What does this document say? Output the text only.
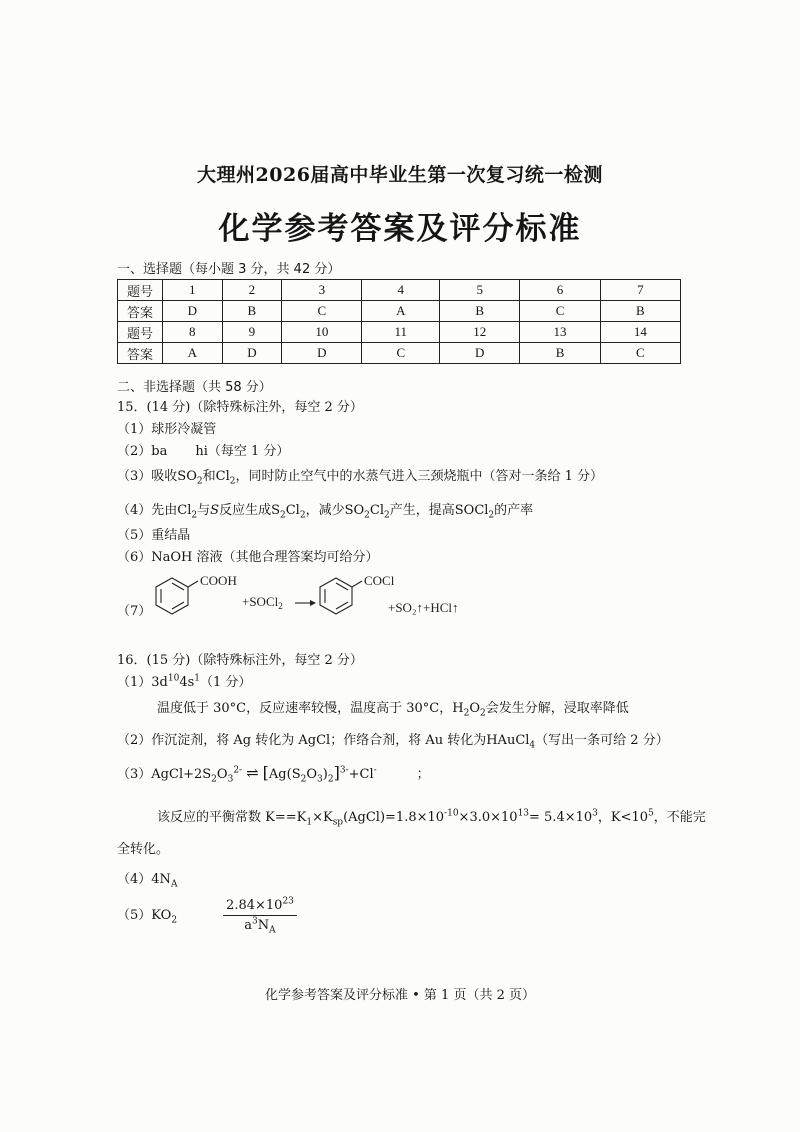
大理州2026届高中毕业生第一次复习统一检测
化学参考答案及评分标准
一、选择题（每小题 3 分，共 42 分）
题号	1	2	3	4	5	6	7
答案	D	B	C	A	B	C	B
题号	8	9	10	11	12	13	14
答案	A	D	D	C	D	B	C
二、非选择题（共 58 分）
15．(14 分)（除特殊标注外，每空 2 分）
（1）球形冷凝管
（2）ba hi（每空 1 分）
（3）吸收$SO_2$和$Cl_2$，同时防止空气中的水蒸气进入三颈烧瓶中（答对一条给 1 分）
（4）先由$Cl_2$与S反应生成$S_2Cl_2$，减少$SO_2Cl_2$产生，提高SOCl$_2$的产率
（5）重结晶
（6）NaOH 溶液（其他合理答案均可给分）
（7）
COOH
+SOCl$_2$
COCl
+SO₂↑+HCl↑
16．(15 分)（除特殊标注外，每空 2 分）
$(1)3d^{10}4s^1(1$ 分）
温度低于 30°C，反应速率较慢，温度高于 30°C，$H_2O_2$会发生分解，浸取率降低
（2）作沉淀剂，将 Ag 转化为 AgCl；作络合剂，将 Au 转化为HAuCl$_4$（写出一条可给 2 分）
$(3)AgCl+2S_2O_3^{2-}$ ⇌ $[Ag(S_2O_3)_2]^{3-}+Cl^-$	；
该反应的平衡常数 $K==K_1\times K_{sp}(AgCl)=1.8\times 10^{-10}\times 3.0\times 10^{13}= 5.4\times 10^3$，$K<10^5$，不能完
全转化。
$(4)4N_A$
$(5)KO_2$	$\frac{2.84\times 10^{23}}{a^3N_A}$
化学参考答案及评分标准 • 第 1 页（共 2 页）
